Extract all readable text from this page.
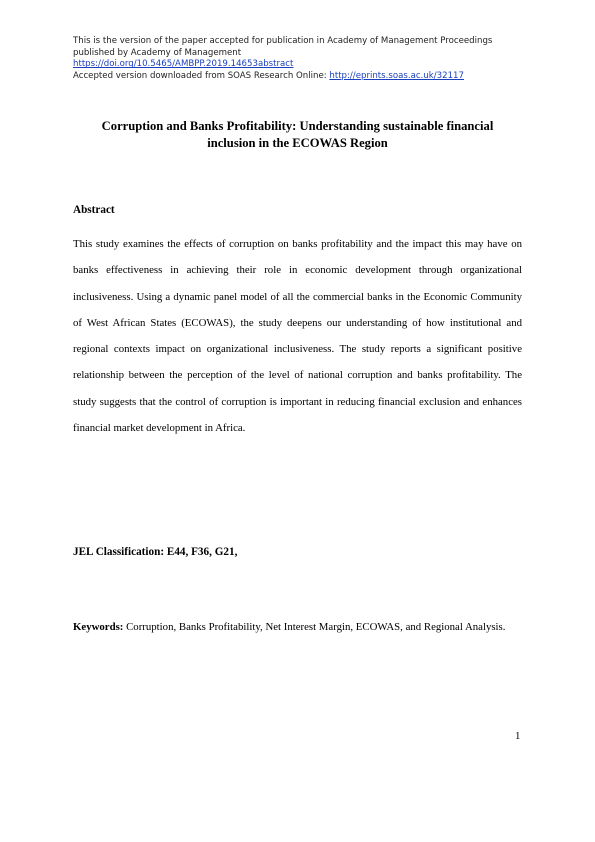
This is the version of the paper accepted for publication in Academy of Management Proceedings
published by Academy of Management
https://doi.org/10.5465/AMBPP.2019.14653abstract
Accepted version downloaded from SOAS Research Online: http://eprints.soas.ac.uk/32117
Corruption and Banks Profitability: Understanding sustainable financial
inclusion in the ECOWAS Region
Abstract
This study examines the effects of corruption on banks profitability and the impact this may have on banks effectiveness in achieving their role in economic development through organizational inclusiveness. Using a dynamic panel model of all the commercial banks in the Economic Community of West African States (ECOWAS), the study deepens our understanding of how institutional and regional contexts impact on organizational inclusiveness. The study reports a significant positive relationship between the perception of the level of national corruption and banks profitability. The study suggests that the control of corruption is important in reducing financial exclusion and enhances financial market development in Africa.
JEL Classification: E44, F36, G21,
Keywords: Corruption, Banks Profitability, Net Interest Margin, ECOWAS, and Regional Analysis.
1
